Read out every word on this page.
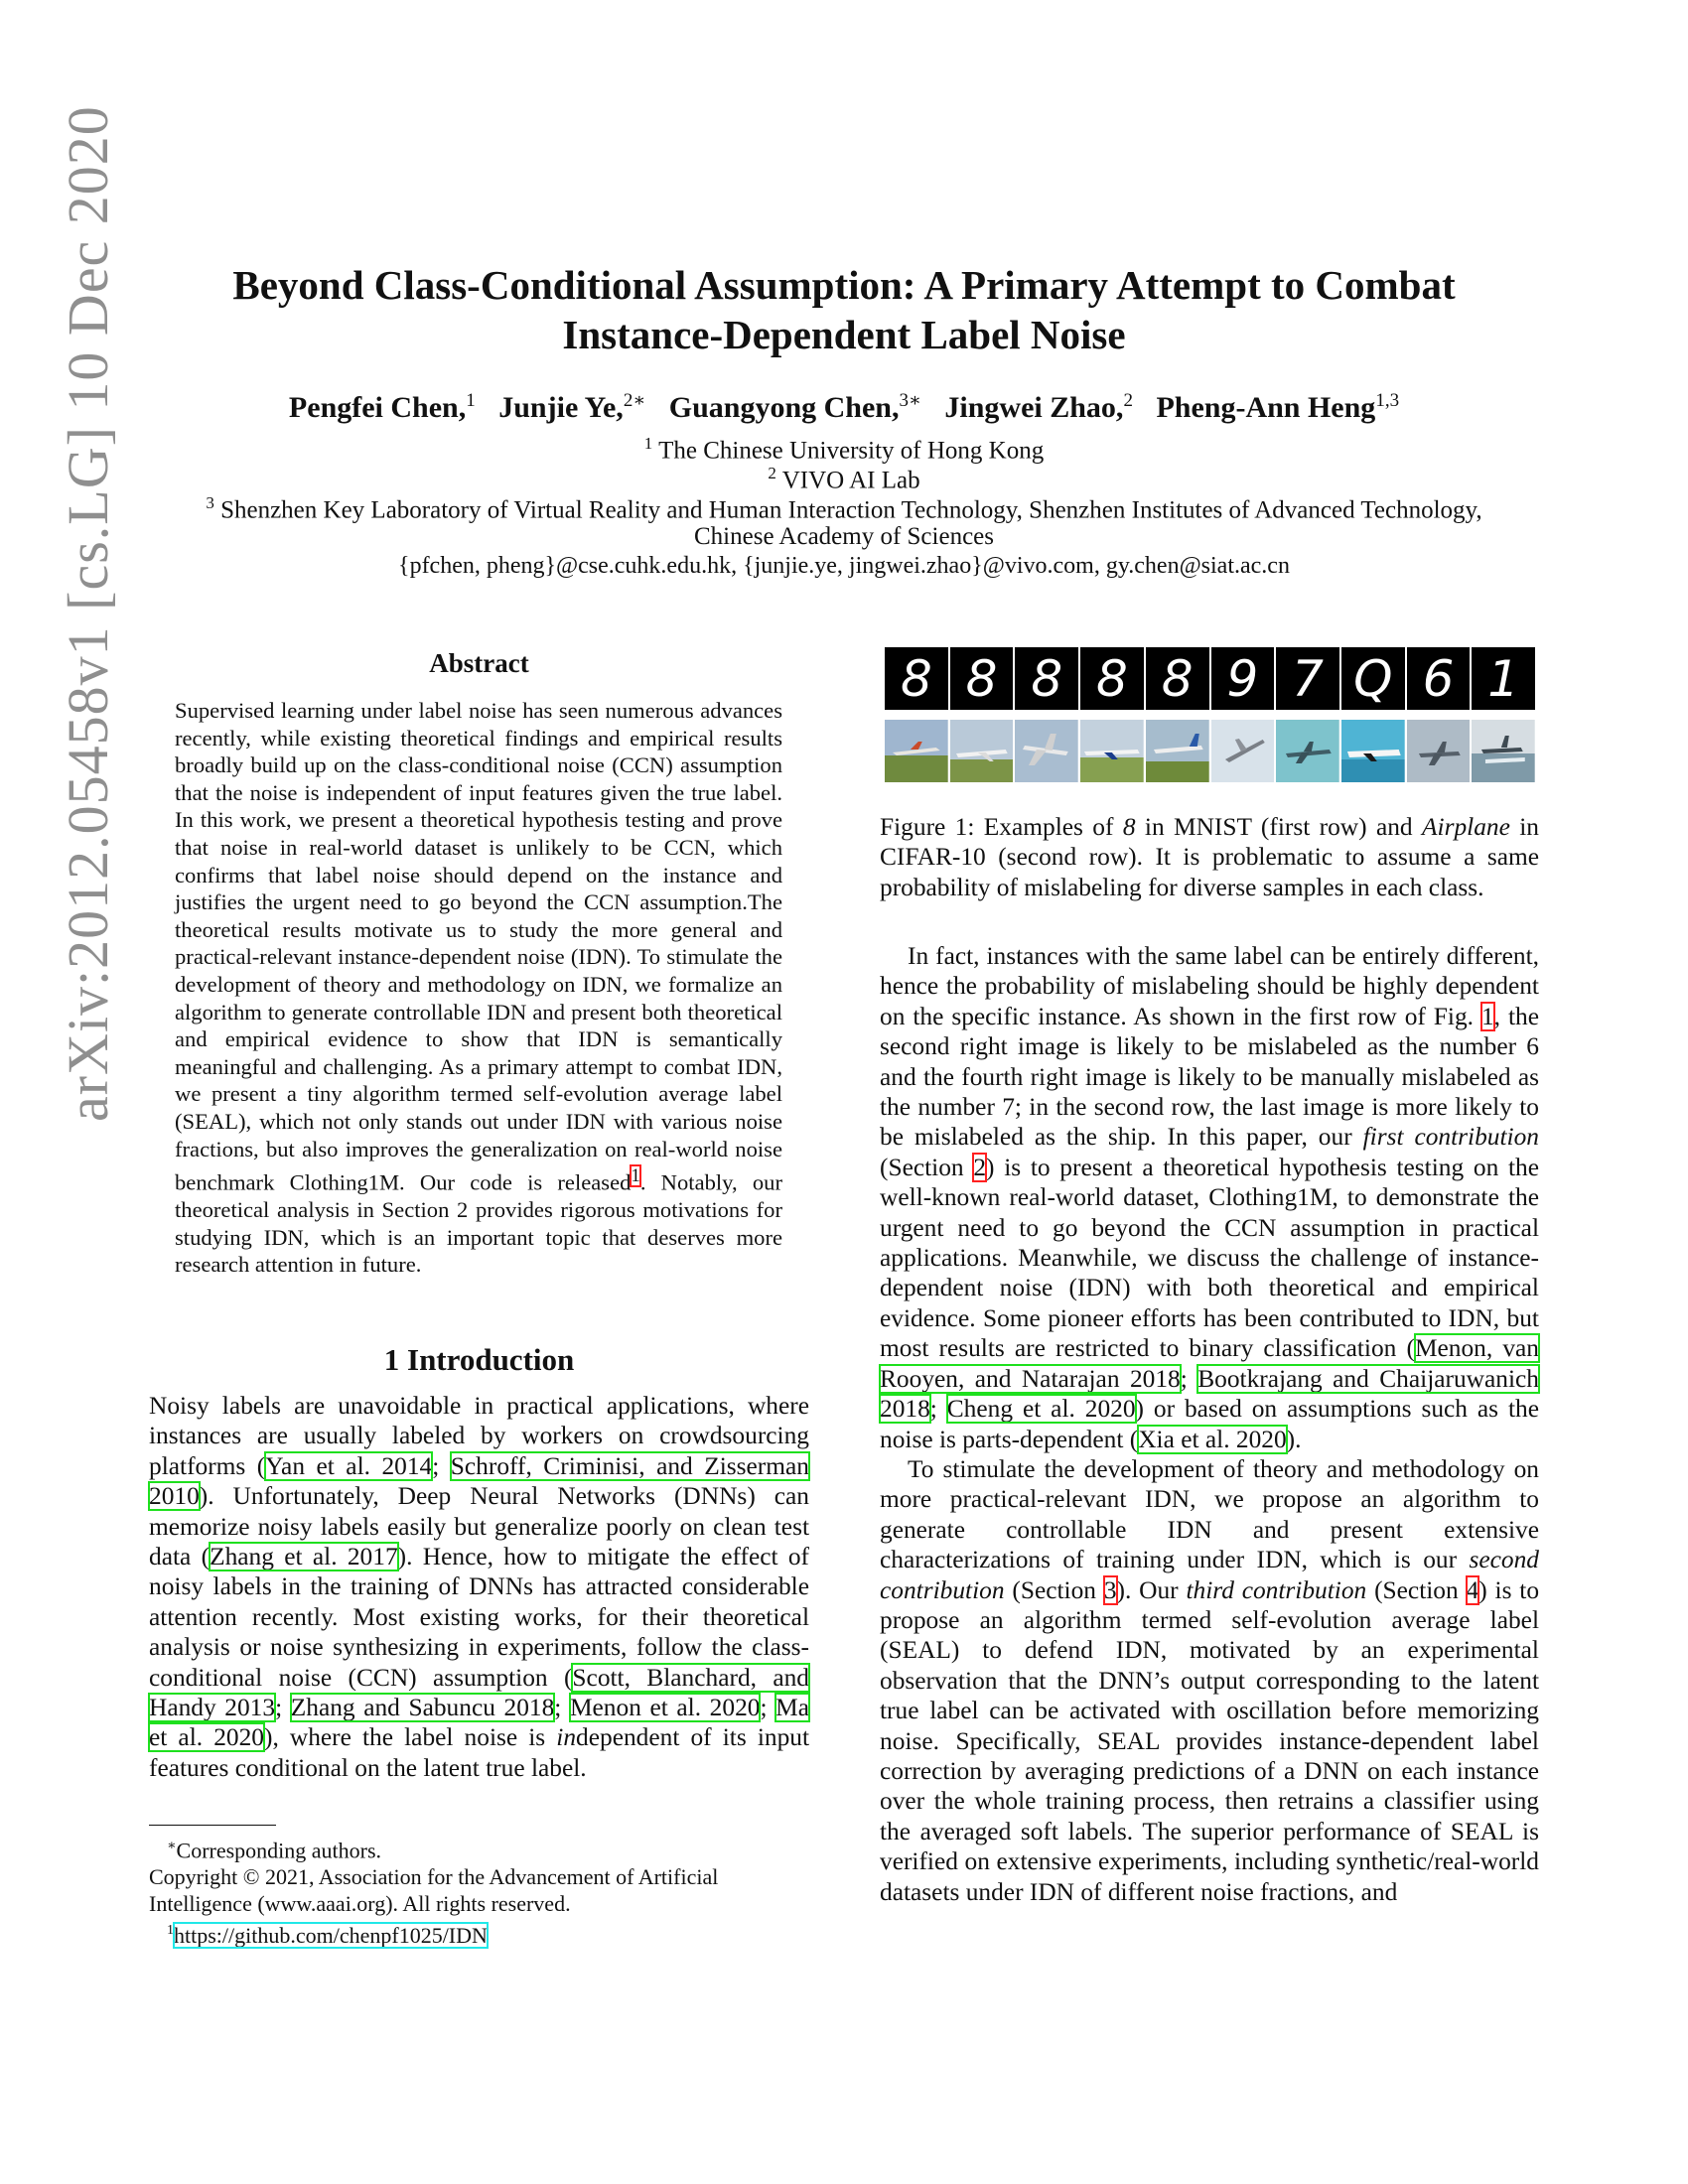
arXiv:2012.05458v1 [cs.LG] 10 Dec 2020	Beyond Class-Conditional Assumption: A Primary Attempt to Combat
Instance-Dependent Label Noise
Pengfei Chen,$^1$ Junjie Ye,$^{2∗}$ Guangyong Chen,$^{3∗}$ Jingwei Zhao,$^2$ Pheng-Ann Heng$^{1,3}$
$^1$ The Chinese University of Hong Kong
$^2$ VIVO AI Lab
$^3$ Shenzhen Key Laboratory of Virtual Reality and Human Interaction Technology, Shenzhen Institutes of Advanced Technology,
Chinese Academy of Sciences
{pfchen, pheng}@cse.cuhk.edu.hk, {junjie.ye, jingwei.zhao}@vivo.com, gy.chen@siat.ac.cn
Abstract
Supervised learning under label noise has seen numerous advances recently, while existing theoretical findings and empirical results broadly build up on the class-conditional noise (CCN) assumption that the noise is independent of input features given the true label. In this work, we present a theoretical hypothesis testing and prove that noise in real-world dataset is unlikely to be CCN, which confirms that label noise should depend on the instance and justifies the urgent need to go beyond the CCN assumption.The theoretical results motivate us to study the more general and practical-relevant instance-dependent noise (IDN). To stimulate the development of theory and methodology on IDN, we formalize an algorithm to generate controllable IDN and present both theoretical and empirical evidence to show that IDN is semantically meaningful and challenging. As a primary attempt to combat IDN, we present a tiny algorithm termed self-evolution average label (SEAL), which not only stands out under IDN with various noise fractions, but also improves the generalization on real-world noise benchmark Clothing1M. Our code is released$^1$. Notably, our theoretical analysis in Section 2 provides rigorous motivations for studying IDN, which is an important topic that deserves more research attention in future.
1 Introduction
Noisy labels are unavoidable in practical applications, where instances are usually labeled by workers on crowdsourcing platforms (Yan et al. 2014; Schroff, Criminisi, and Zisserman 2010). Unfortunately, Deep Neural Networks (DNNs) can memorize noisy labels easily but generalize poorly on clean test data (Zhang et al. 2017). Hence, how to mitigate the effect of noisy labels in the training of DNNs has attracted considerable attention recently. Most existing works, for their theoretical analysis or noise synthesizing in experiments, follow the class-conditional noise (CCN) assumption (Scott, Blanchard, and Handy 2013; Zhang and Sabuncu 2018; Menon et al. 2020; Ma et al. 2020), where the label noise is independent of its input features conditional on the latent true label.
∗Corresponding authors.
Copyright © 2021, Association for the Advancement of Artificial Intelligence (www.aaai.org). All rights reserved.
$^1$https://github.com/chenpf1025/IDN
8 8 8 8 8 9 7 Q 6 1
Figure 1: Examples of 8 in MNIST (first row) and Airplane in CIFAR-10 (second row). It is problematic to assume a same probability of mislabeling for diverse samples in each class.

In fact, instances with the same label can be entirely different, hence the probability of mislabeling should be highly dependent on the specific instance. As shown in the first row of Fig. 1, the second right image is likely to be mislabeled as the number 6 and the fourth right image is likely to be manually mislabeled as the number 7; in the second row, the last image is more likely to be mislabeled as the ship. In this paper, our first contribution (Section 2) is to present a theoretical hypothesis testing on the well-known real-world dataset, Clothing1M, to demonstrate the urgent need to go beyond the CCN assumption in practical applications. Meanwhile, we discuss the challenge of instance-dependent noise (IDN) with both theoretical and empirical evidence. Some pioneer efforts has been contributed to IDN, but most results are restricted to binary classification (Menon, van Rooyen, and Natarajan 2018; Bootkrajang and Chaijaruwanich 2018; Cheng et al. 2020) or based on assumptions such as the noise is parts-dependent (Xia et al. 2020).

To stimulate the development of theory and methodology on more practical-relevant IDN, we propose an algorithm to generate controllable IDN and present extensive characterizations of training under IDN, which is our second contribution (Section 3). Our third contribution (Section 4) is to propose an algorithm termed self-evolution average label (SEAL) to defend IDN, motivated by an experimental observation that the DNN’s output corresponding to the latent true label can be activated with oscillation before memorizing noise. Specifically, SEAL provides instance-dependent label correction by averaging predictions of a DNN on each instance over the whole training process, then retrains a classifier using the averaged soft labels. The superior performance of SEAL is verified on extensive experiments, including synthetic/real-world datasets under IDN of different noise fractions, and
